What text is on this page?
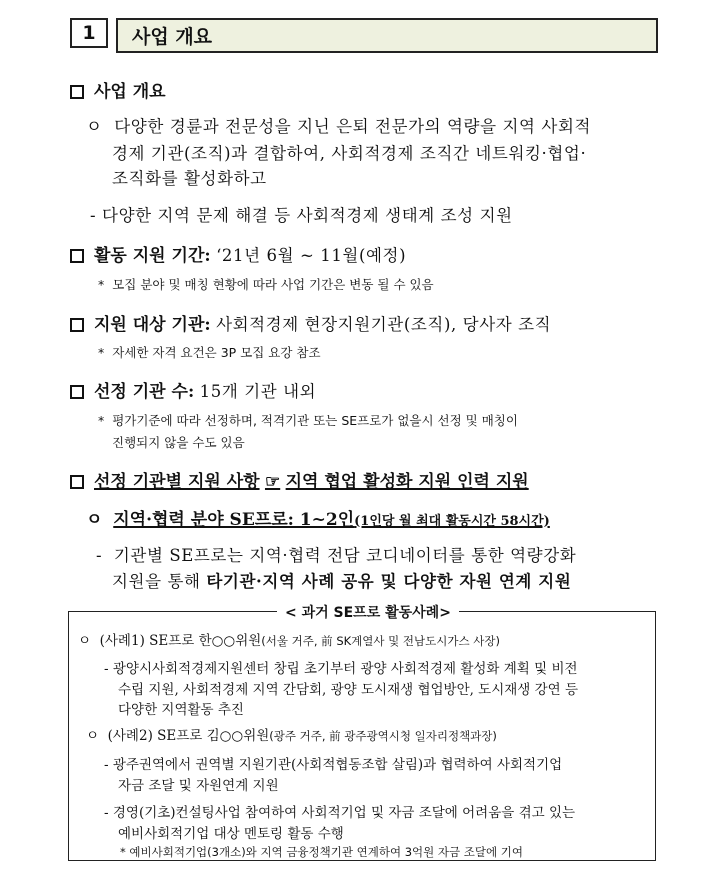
1	사업 개요
사업 개요
ㅇ 다양한 경륜과 전문성을 지닌 은퇴 전문가의 역량을 지역 사회적
경제 기관(조직)과 결합하여, 사회적경제 조직간 네트워킹·협업·
조직화를 활성화하고
- 다양한 지역 문제 해결 등 사회적경제 생태계 조성 지원
활동 지원 기간: ‘21년 6월 ~ 11월(예정)
*  모집 분야 및 매칭 현황에 따라 사업 기간은 변동 될 수 있음
지원 대상 기관: 사회적경제 현장지원기관(조직), 당사자 조직
*  자세한 자격 요건은 3P 모집 요강 참조
선정 기관 수: 15개 기관 내외
*  평가기준에 따라 선정하며, 적격기관 또는 SE프로가 없을시 선정 및 매칭이
진행되지 않을 수도 있음
선정 기관별 지원 사항 ☞ 지역 협업 활성화 지원 인력 지원
ㅇ 지역·협력 분야 SE프로: 1~2인(1인당 월 최대 활동시간 58시간)
-  기관별 SE프로는 지역·협력 전담 코디네이터를 통한 역량강화
지원을 통해 타기관·지역 사례 공유 및 다양한 자원 연계 지원
< 과거 SE프로 활동사례>
ㅇ  (사례1) SE프로 한○○위원(서울 거주, 前 SK계열사 및 전남도시가스 사장)
- 광양시사회적경제지원센터 창립 초기부터 광양 사회적경제 활성화 계획 및 비전
수립 지원, 사회적경제 지역 간담회, 광양 도시재생 협업방안, 도시재생 강연 등
다양한 지역활동 추진
ㅇ  (사례2) SE프로 김○○위원(광주 거주, 前 광주광역시청 일자리정책과장)
- 광주권역에서 권역별 지원기관(사회적협동조합 살림)과 협력하여 사회적기업
자금 조달 및 자원연계 지원
- 경영(기초)컨설팅사업 참여하여 사회적기업 및 자금 조달에 어려움을 겪고 있는
예비사회적기업 대상 멘토링 활동 수행
* 예비사회적기업(3개소)와 지역 금융정책기관 연계하여 3억원 자금 조달에 기여
